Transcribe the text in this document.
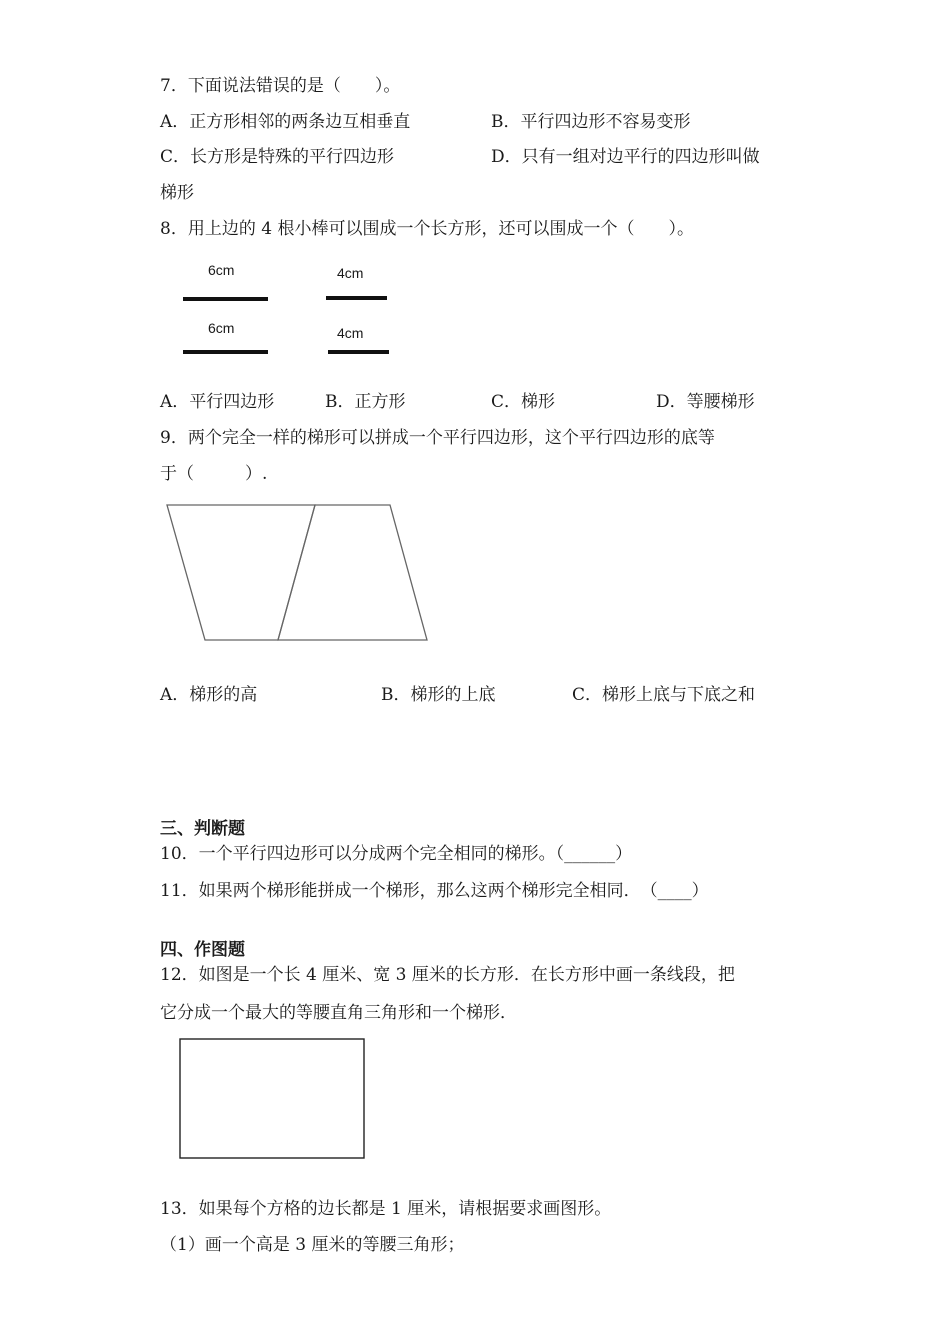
7．下面说法错误的是（　　）。
A．正方形相邻的两条边互相垂直	B．平行四边形不容易变形
C．长方形是特殊的平行四边形	D．只有一组对边平行的四边形叫做
梯形
8．用上边的 4 根小棒可以围成一个长方形，还可以围成一个（　　）。
6cm
6cm
4cm
4cm
A．平行四边形	B．正方形	C．梯形	D．等腰梯形
9．两个完全一样的梯形可以拼成一个平行四边形，这个平行四边形的底等
于（　　　）.
A．梯形的高	B．梯形的上底	C．梯形上底与下底之和
三、判断题
10．一个平行四边形可以分成两个完全相同的梯形。（______）
11．如果两个梯形能拼成一个梯形，那么这两个梯形完全相同．　（____）
四、作图题
12．如图是一个长 4 厘米、宽 3 厘米的长方形．在长方形中画一条线段，把
它分成一个最大的等腰直角三角形和一个梯形．
13．如果每个方格的边长都是 1 厘米，请根据要求画图形。
（1）画一个高是 3 厘米的等腰三角形；
